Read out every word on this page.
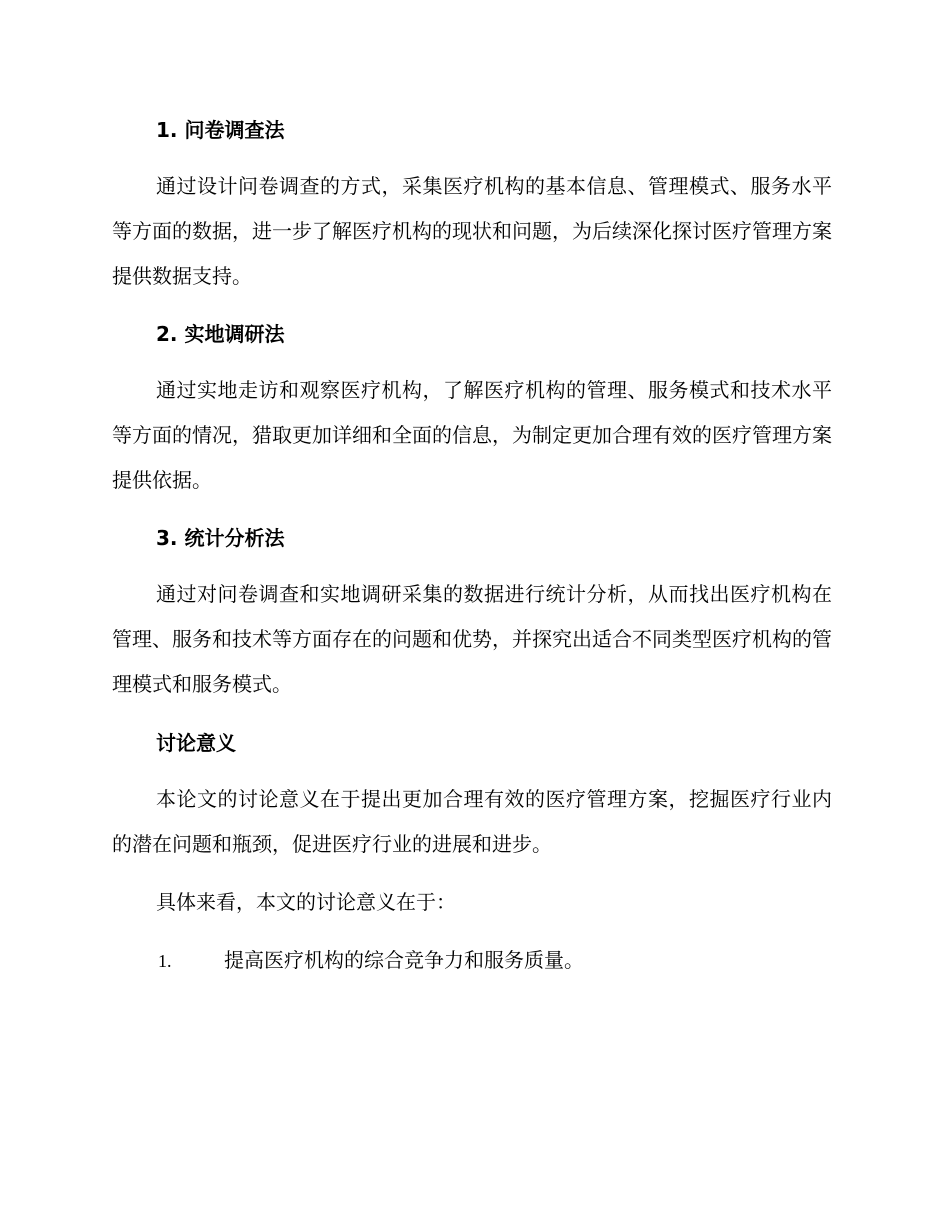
1. 问卷调查法
通过设计问卷调查的方式，采集医疗机构的基本信息、管理模式、服务水平等方面的数据，进一步了解医疗机构的现状和问题，为后续深化探讨医疗管理方案提供数据支持。
2. 实地调研法
通过实地走访和观察医疗机构，了解医疗机构的管理、服务模式和技术水平等方面的情况，猎取更加详细和全面的信息，为制定更加合理有效的医疗管理方案提供依据。
3. 统计分析法
通过对问卷调查和实地调研采集的数据进行统计分析，从而找出医疗机构在管理、服务和技术等方面存在的问题和优势，并探究出适合不同类型医疗机构的管理模式和服务模式。
讨论意义
本论文的讨论意义在于提出更加合理有效的医疗管理方案，挖掘医疗行业内的潜在问题和瓶颈，促进医疗行业的进展和进步。
具体来看，本文的讨论意义在于：
1.	提高医疗机构的综合竞争力和服务质量。
